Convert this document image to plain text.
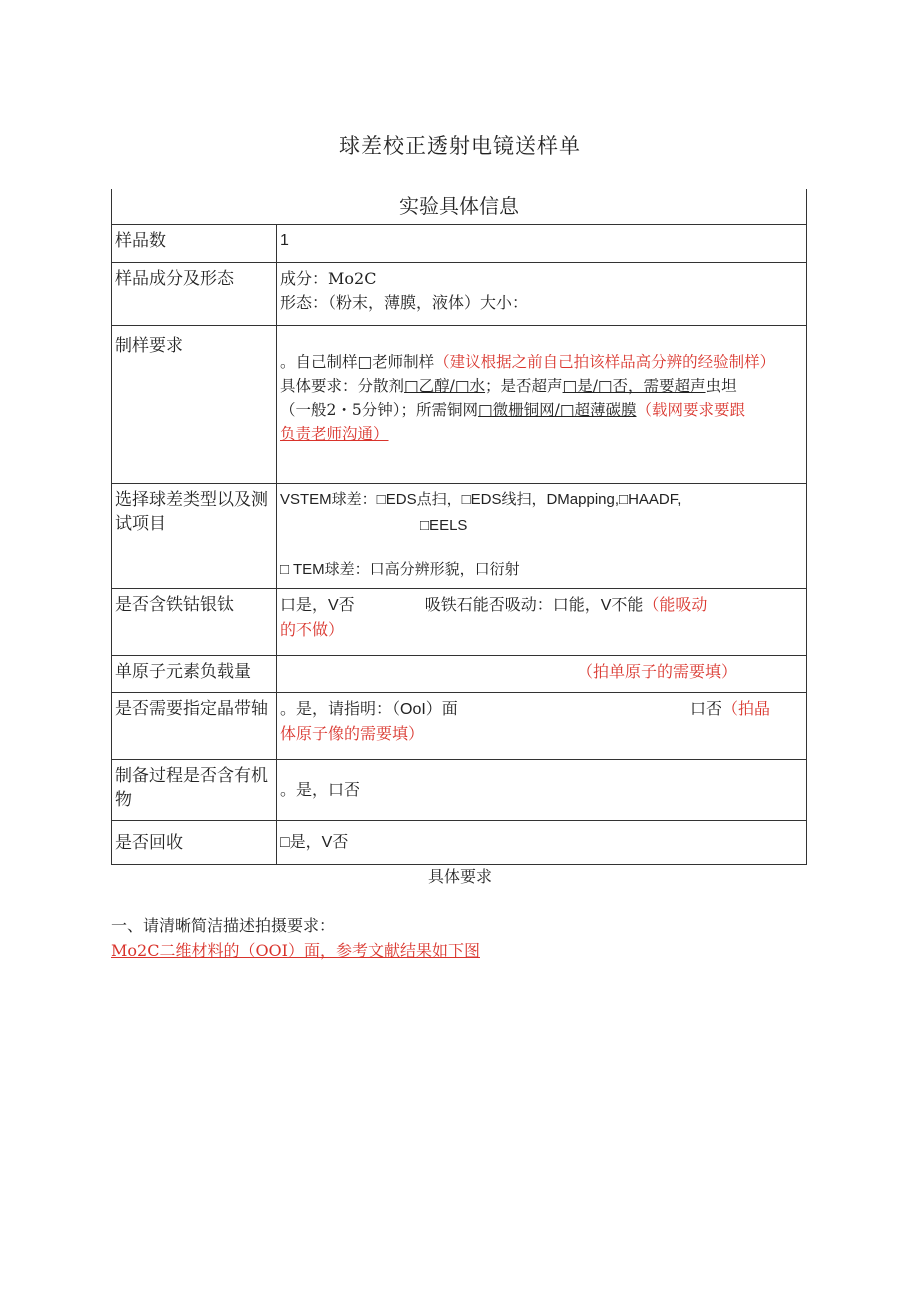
球差校正透射电镜送样单
实验具体信息	
样品数	1
样品成分及形态	成分：Mo2C
形态：（粉末，薄膜，液体）大小：

制样要求	。自己制样□老师制样（建议根据之前自己拍该样品高分辨的经验制样）
具体要求：分散剂□乙醇/□水；是否超声□是/□否，需要超声虫坦
（一般2・5分钟）；所需铜网□微栅铜网/□超薄碳膜（载网要求要跟
负责老师沟通）

选择球差类型以及测试项目	VSTEM球差：□EDS点扫，□EDS线扫，DMapping,□HAADF,
□EELS
□ TEM球差：口高分辨形貌，口衍射

是否含铁钴银钛	口是，V否 吸铁石能否吸动：口能，V不能（能吸动
的不做）

单原子元素负载量	（拍单原子的需要填）
是否需要指定晶带轴	。是，请指明：（OoI）面 口否（拍晶
体原子像的需要填）

制备过程是否含有机物	。是，口否
是否回收	□是，V否
具体要求
一、请清晰简洁描述拍摄要求：
Mo2C二维材料的（OOI）面，参考文献结果如下图
